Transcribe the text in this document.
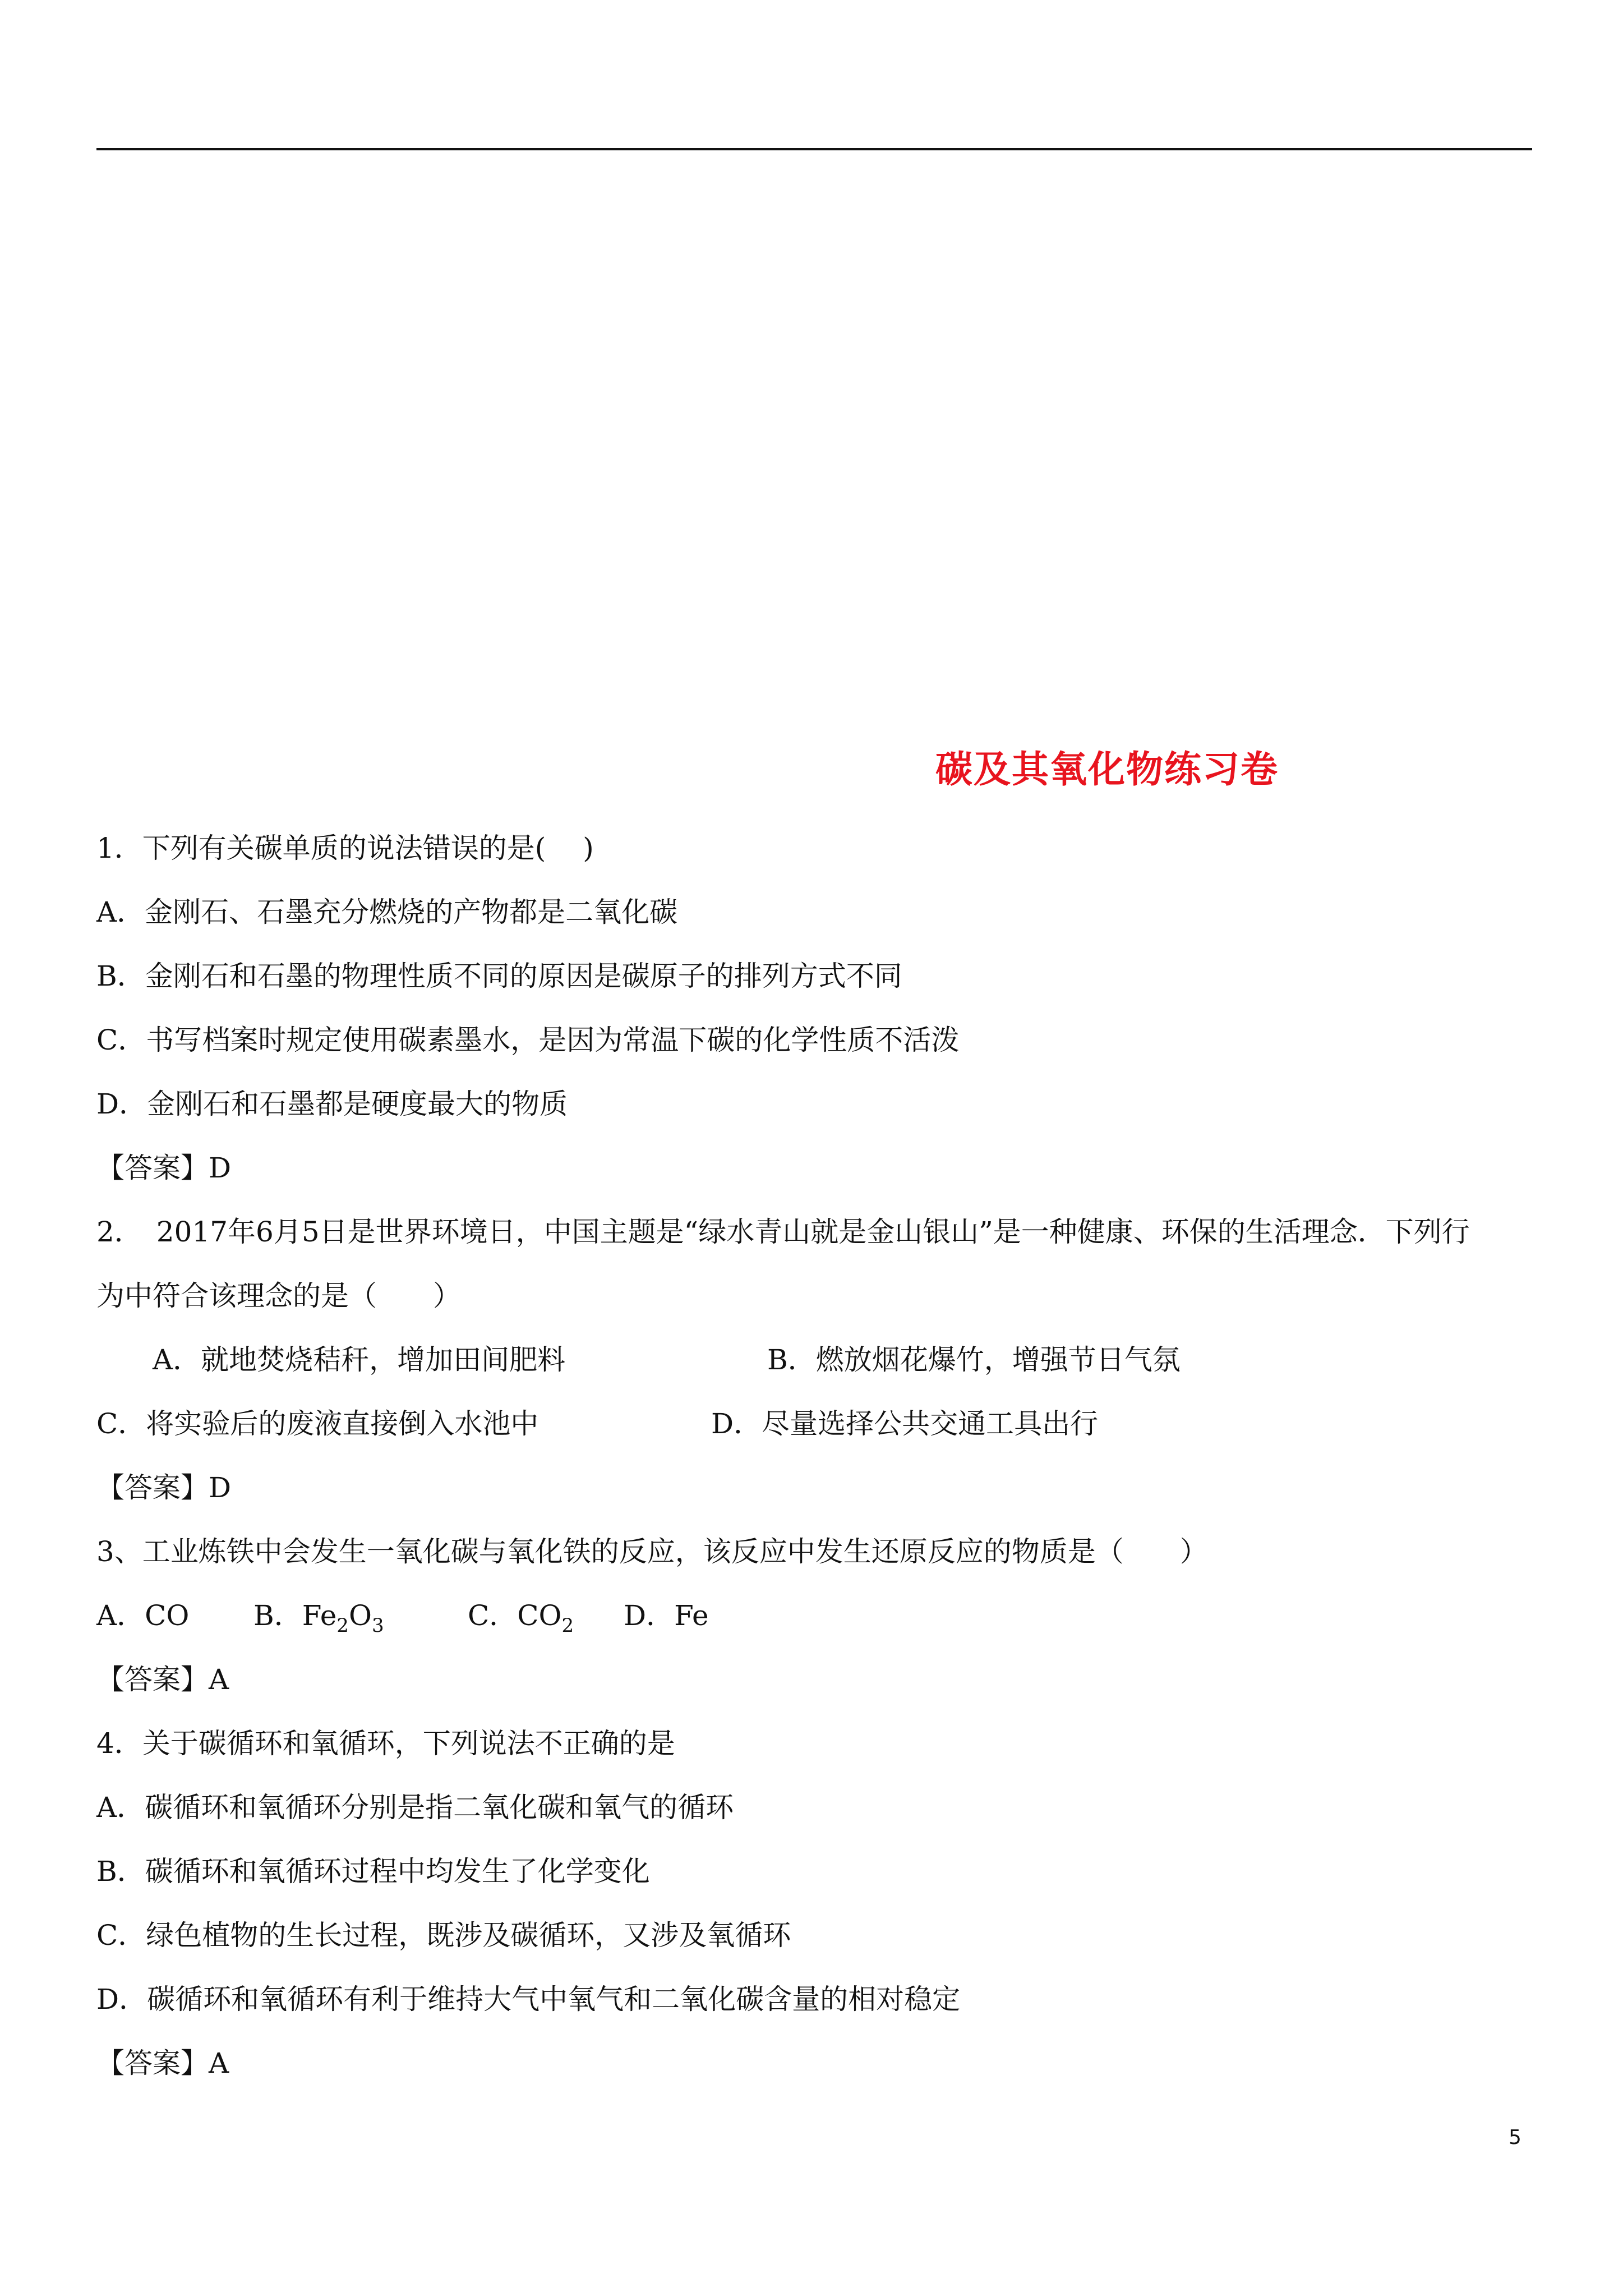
碳及其氧化物练习卷
1．下列有关碳单质的说法错误的是(　 )
A．金刚石、石墨充分燃烧的产物都是二氧化碳
B．金刚石和石墨的物理性质不同的原因是碳原子的排列方式不同
C．书写档案时规定使用碳素墨水，是因为常温下碳的化学性质不活泼
D．金刚石和石墨都是硬度最大的物质
【答案】D
2．　2017年6月5日是世界环境日，中国主题是“绿水青山就是金山银山”是一种健康、环保的生活理念．下列行
为中符合该理念的是（　　）
A．就地焚烧秸秆，增加田间肥料	B．燃放烟花爆竹，增强节日气氛
C．将实验后的废液直接倒入水池中	D．尽量选择公共交通工具出行
【答案】D
3、工业炼铁中会发生一氧化碳与氧化铁的反应，该反应中发生还原反应的物质是（　　）
A．CO B．$Fe_2O_3$	C．$CO_2$ D．Fe
【答案】A
4．关于碳循环和氧循环，下列说法不正确的是
A．碳循环和氧循环分别是指二氧化碳和氧气的循环
B．碳循环和氧循环过程中均发生了化学变化
C．绿色植物的生长过程，既涉及碳循环，又涉及氧循环
D．碳循环和氧循环有利于维持大气中氧气和二氧化碳含量的相对稳定
【答案】A
5
